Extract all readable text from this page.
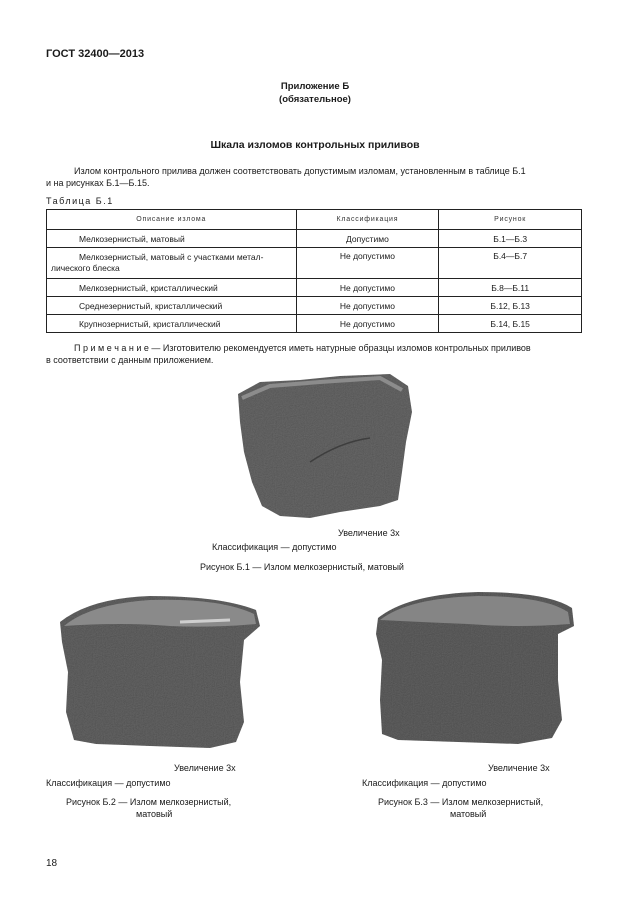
ГОСТ 32400—2013
Приложение Б
(обязательное)
Шкала изломов контрольных приливов
Излом контрольного прилива должен соответствовать допустимым изломам, установленным в таблице Б.1
и на рисунках Б.1—Б.15.
Таблица Б.1
Описание излома	Классификация	Рисунок
Мелкозернистый, матовый	Допустимо	Б.1—Б.3

Мелкозернистый, матовый с участками метал-
лического блеска	Не допустимо	Б.4—Б.7
Мелкозернистый, кристаллический	Не допустимо	Б.8—Б.11
Среднезернистый, кристаллический	Не допустимо	Б.12, Б.13
Крупнозернистый, кристаллический	Не допустимо	Б.14, Б.15
П р и м е ч а н и е — Изготовителю рекомендуется иметь натурные образцы изломов контрольных приливов
в соответствии с данным приложением.
Увеличение 3х
Классификация — допустимо
Рисунок Б.1 — Излом мелкозернистый, матовый
Увеличение 3х
Классификация — допустимо
Рисунок Б.2 — Излом мелкозернистый,
матовый
Увеличение 3х
Классификация — допустимо
Рисунок Б.3 — Излом мелкозернистый,
матовый
18
